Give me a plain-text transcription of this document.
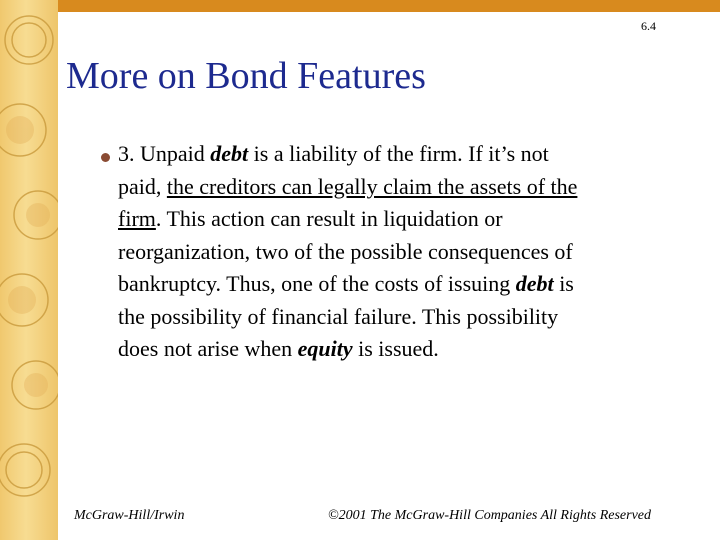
6.4
More on Bond Features
3. Unpaid debt is a liability of the firm. If it’s not
paid, the creditors can legally claim the assets of the
firm. This action can result in liquidation or
reorganization, two of the possible consequences of
bankruptcy. Thus, one of the costs of issuing debt is
the possibility of financial failure. This possibility
does not arise when equity is issued.
McGraw-Hill/Irwin	©2001 The McGraw-Hill Companies All Rights Reserved
